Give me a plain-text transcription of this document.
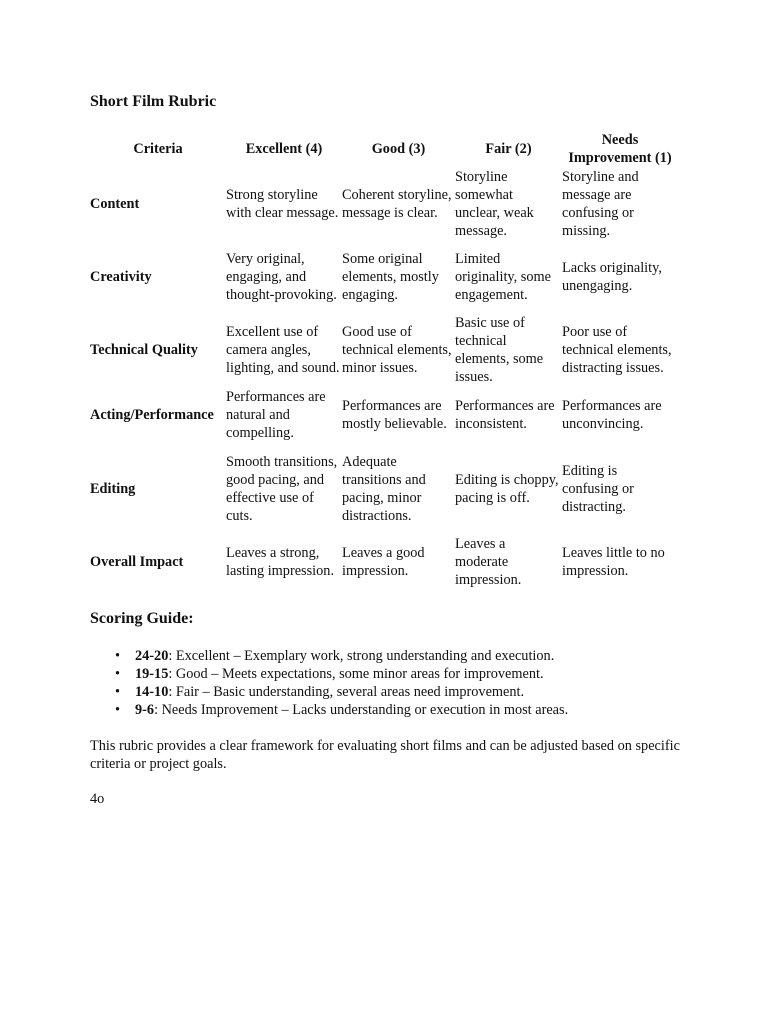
Short Film Rubric
Criteria	Excellent (4)	Good (3)	Fair (2)	Needs Improvement (1)
Content	Strong storyline with clear message.	Coherent storyline, message is clear.	Storyline somewhat unclear, weak message.	Storyline and message are confusing or missing.
Creativity	Very original, engaging, and thought-provoking.	Some original elements, mostly engaging.	Limited originality, some engagement.	Lacks originality, unengaging.
Technical Quality	Excellent use of camera angles, lighting, and sound.	Good use of technical elements, minor issues.	Basic use of technical elements, some issues.	Poor use of technical elements, distracting issues.
Acting/Performance	Performances are natural and compelling.	Performances are mostly believable.	Performances are inconsistent.	Performances are unconvincing.
Editing	Smooth transitions, good pacing, and effective use of cuts.	Adequate transitions and pacing, minor distractions.	Editing is choppy, pacing is off.	Editing is confusing or distracting.
Overall Impact	Leaves a strong, lasting impression.	Leaves a good impression.	Leaves a moderate impression.	Leaves little to no impression.
Scoring Guide:
• 24-20: Excellent – Exemplary work, strong understanding and execution.
• 19-15: Good – Meets expectations, some minor areas for improvement.
• 14-10: Fair – Basic understanding, several areas need improvement.
• 9-6: Needs Improvement – Lacks understanding or execution in most areas.

This rubric provides a clear framework for evaluating short films and can be adjusted based on specific criteria or project goals.

4o
